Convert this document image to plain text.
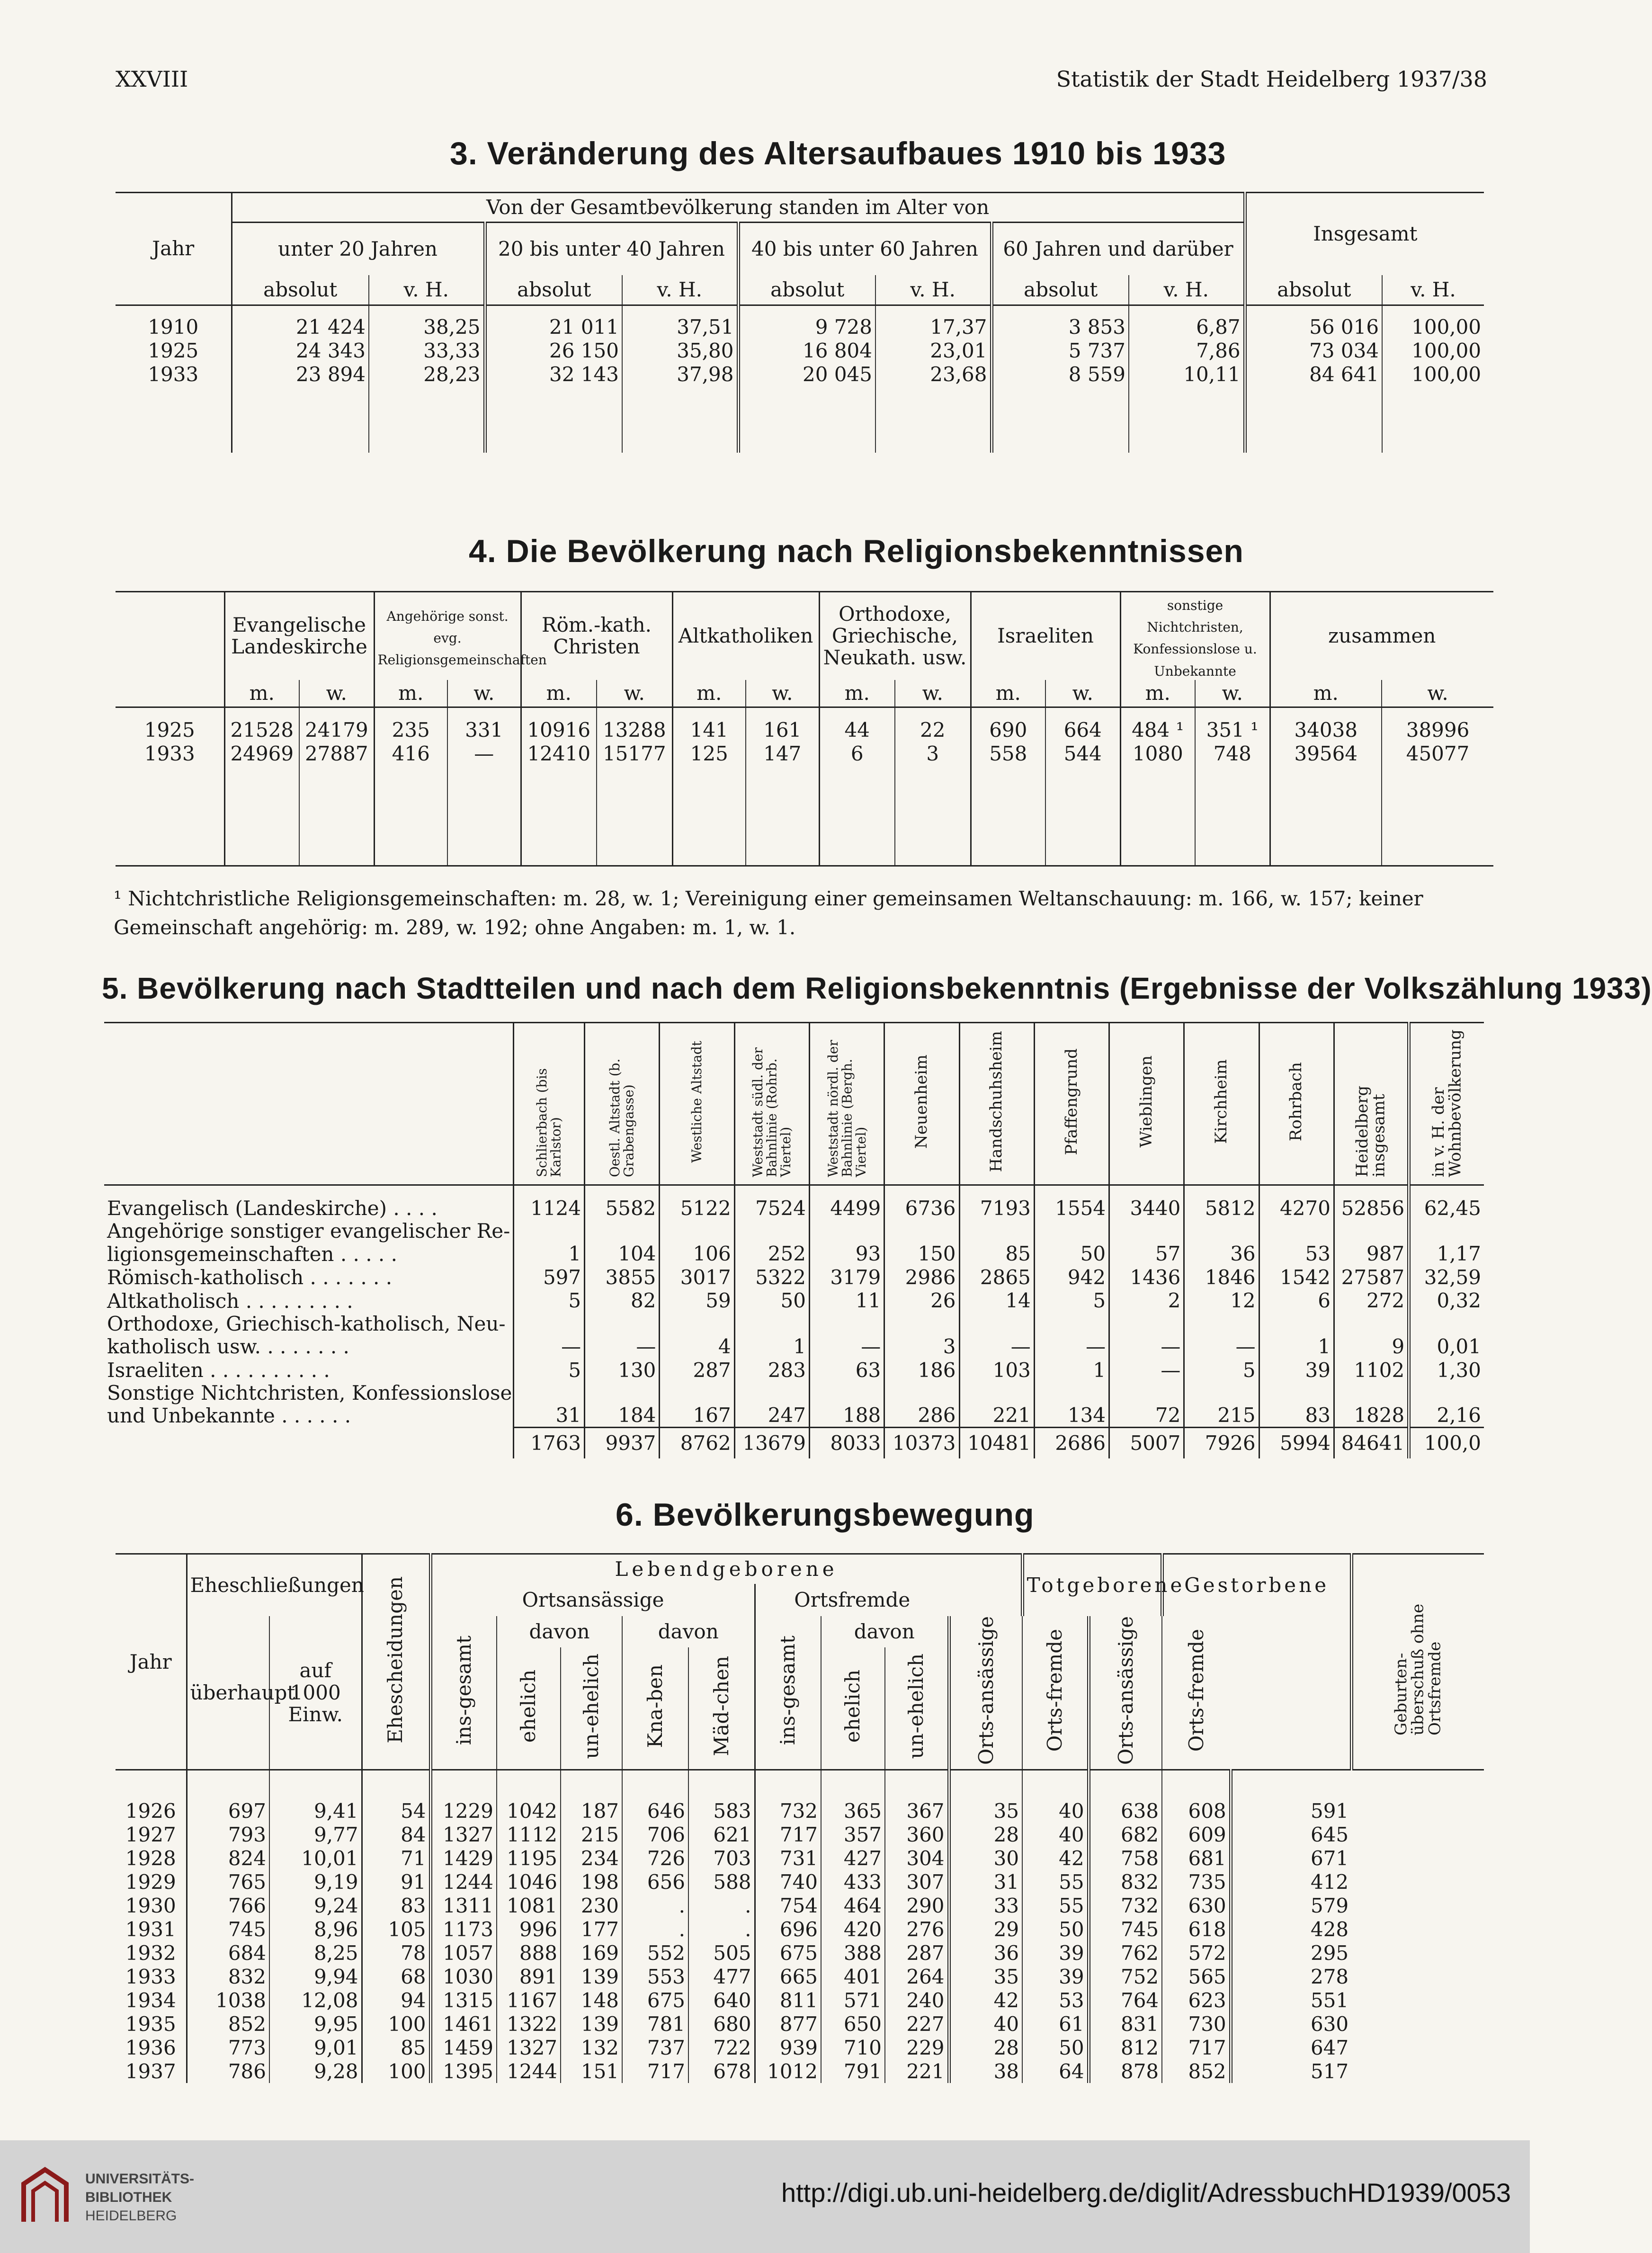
XXVIII	Statistik der Stadt Heidelberg 1937/38
3. Veränderung des Altersaufbaues 1910 bis 1933
Jahr	Von der Gesamtbevölkerung standen im Alter von								Insgesamt	
	unter 20 Jahren		20 bis unter 40 Jahren		40 bis unter 60 Jahren		60 Jahren und darüber			
	absolut	v. H.	absolut	v. H.	absolut	v. H.	absolut	v. H.	absolut	v. H.
1910	21 424	38,25	21 011	37,51	9 728	17,37	3 853	6,87	56 016	100,00
1925	24 343	33,33	26 150	35,80	16 804	23,01	5 737	7,86	73 034	100,00
1933	23 894	28,23	32 143	37,98	20 045	23,68	8 559	10,11	84 641	100,00

4. Die Bevölkerung nach Religionsbekenntnissen
	Evangelische Landeskirche		Angehörige sonst. evg. Religionsgemeinschaften		Röm.-kath. Christen		Altkatholiken		Orthodoxe, Griechische, Neukath. usw.		Israeliten		sonstige Nichtchristen, Konfessionslose u. Unbekannte		zusammen	
	m.	w.	m.	w.	m.	w.	m.	w.	m.	w.	m.	w.	m.	w.	m.	w.
1925	21528	24179	235	331	10916	13288	141	161	44	22	690	664	484 ¹	351 ¹	34038	38996
1933	24969	27887	416	—	12410	15177	125	147	6	3	558	544	1080	748	39564	45077

¹ Nichtchristliche Religionsgemeinschaften: m. 28, w. 1; Vereinigung einer gemeinsamen Weltanschauung: m. 166, w. 157; keiner Gemeinschaft angehörig: m. 289, w. 192; ohne Angaben: m. 1, w. 1.
5. Bevölkerung nach Stadtteilen und nach dem Religionsbekenntnis (Ergebnisse der Volkszählung 1933)
	Schlierbach (bis Karlstor)	Oestl. Altstadt (b. Grabengasse)	Westliche Altstadt	Weststadt südl. der Bahnlinie (Rohrb. Viertel)	Weststadt nördl. der Bahnlinie (Bergh. Viertel)	Neuenheim	Handschuhsheim	Pfaffengrund	Wieblingen	Kirchheim	Rohrbach	Heidelberg insgesamt	in v. H. der Wohnbevölkerung

Evangelisch (Landeskirche) . . . .	1124	5582	5122	7524	4499	6736	7193	1554	3440	5812	4270	52856	62,45

Angehörige sonstiger evangelischer Re-
ligionsgemeinschaften . . . . .	1	104	106	252	93	150	85	50	57	36	53	987	1,17

Römisch-katholisch . . . . . . .	597	3855	3017	5322	3179	2986	2865	942	1436	1846	1542	27587	32,59

Altkatholisch . . . . . . . . .	5	82	59	50	11	26	14	5	2	12	6	272	0,32

Orthodoxe, Griechisch-katholisch, Neu-
katholisch usw. . . . . . . .	—	—	4	1	—	3	—	—	—	—	1	9	0,01

Israeliten . . . . . . . . . .	5	130	287	283	63	186	103	1	—	5	39	1102	1,30

Sonstige Nichtchristen, Konfessionslose
und Unbekannte . . . . . .	31	184	167	247	188	286	221	134	72	215	83	1828	2,16
	1763	9937	8762	13679	8033	10373	10481	2686	5007	7926	5994	84641	100,0
6. Bevölkerungsbewegung
Jahr	Eheschließungen		Ehescheidungen	Lebendgeborene									Totgeborene		Gestorbene		Geburten-überschuß ohne Ortsfremde
				Ortsansässige					Ortsfremde								
	überhaupt	auf 1000 Einw.		ins-gesamt	davon		davon		ins-gesamt	davon		Orts-ansässige	Orts-fremde	Orts-ansässige	Orts-fremde		
					ehelich	un-ehelich	Kna-ben	Mäd-chen		ehelich	un-ehelich						
1926	697	9,41	54	1229	1042	187	646	583	732	365	367	35	40	638	608	591	
1927	793	9,77	84	1327	1112	215	706	621	717	357	360	28	40	682	609	645	
1928	824	10,01	71	1429	1195	234	726	703	731	427	304	30	42	758	681	671	
1929	765	9,19	91	1244	1046	198	656	588	740	433	307	31	55	832	735	412	
1930	766	9,24	83	1311	1081	230	.	.	754	464	290	33	55	732	630	579	
1931	745	8,96	105	1173	996	177	.	.	696	420	276	29	50	745	618	428	
1932	684	8,25	78	1057	888	169	552	505	675	388	287	36	39	762	572	295	
1933	832	9,94	68	1030	891	139	553	477	665	401	264	35	39	752	565	278	
1934	1038	12,08	94	1315	1167	148	675	640	811	571	240	42	53	764	623	551	
1935	852	9,95	100	1461	1322	139	781	680	877	650	227	40	61	831	730	630	
1936	773	9,01	85	1459	1327	132	737	722	939	710	229	28	50	812	717	647	
1937	786	9,28	100	1395	1244	151	717	678	1012	791	221	38	64	878	852	517	
UNIVERSITÄTS-
BIBLIOTHEK
HEIDELBERG
http://digi.ub.uni-heidelberg.de/diglit/AdressbuchHD1939/0053
